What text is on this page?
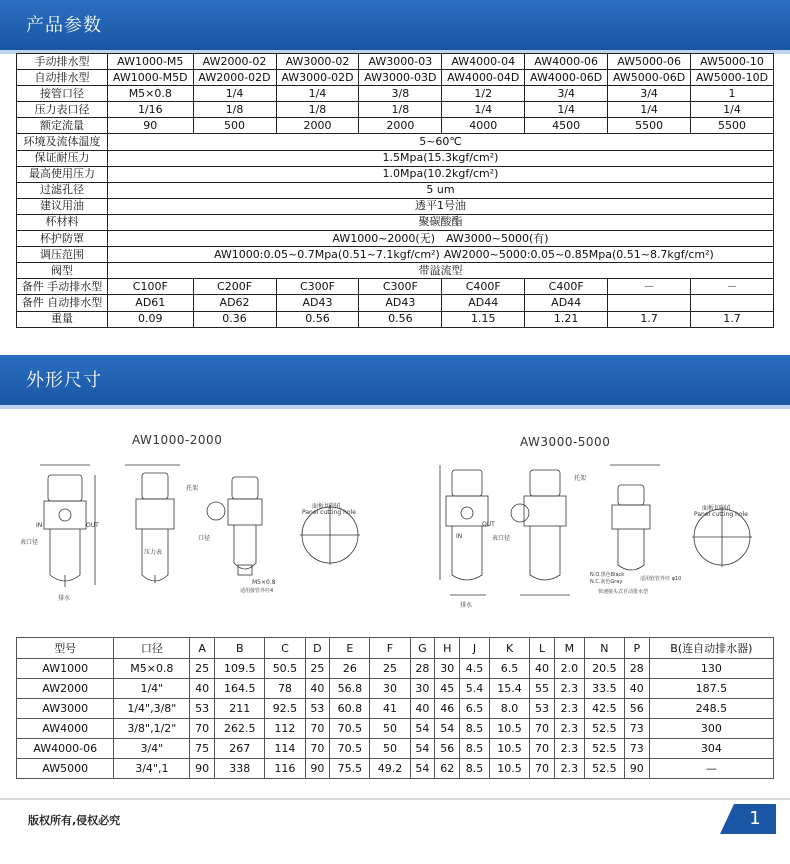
产品参数
手动排水型	AW1000-M5	AW2000-02	AW3000-02	AW3000-03	AW4000-04	AW4000-06	AW5000-06	AW5000-10
自动排水型	AW1000-M5D	AW2000-02D	AW3000-02D	AW3000-03D	AW4000-04D	AW4000-06D	AW5000-06D	AW5000-10D
接管口径	M5×0.8	1/4	1/4	3/8	1/2	3/4	3/4	1
压力表口径	1/16	1/8	1/8	1/8	1/4	1/4	1/4	1/4
额定流量	90	500	2000	2000	4000	4500	5500	5500
环境及流体温度	5~60℃							
保证耐压力	1.5Mpa(15.3kgf/cm²)							
最高使用压力	1.0Mpa(10.2kgf/cm²)							
过滤孔径	5 um							
建议用油	透平1号油							
杯材料	聚碳酸酯							
杯护防罩	AW1000~2000(无)　AW3000~5000(有)							
调压范围	AW1000:0.05~0.7Mpa(0.51~7.1kgf/cm²)				AW2000~5000:0.05~0.85Mpa(0.51~8.7kgf/cm²)			
阀型	带溢流型							
备件 手动排水型	C100F	C200F	C300F	C300F	C400F	C400F	－	－
备件 自动排水型	AD61	AD62	AD43	AD43	AD44	AD44		
重量	0.09	0.36	0.56	0.56	1.15	1.21	1.7	1.7
外形尺寸
AW1000-2000	AW3000-5000
表口径
IN	OUT
排水
压力表
托架
口径
M5×0.8
适用接管外径4
面板切削孔
Panel cutting hole
IN
OUT
表口径
排水
托架
N.O.黑色Black
N.C.灰色Gray	适用软管外径 φ10
快速接头式自动排水型
面板切削孔
Panel cutting hole
型号	口径	A	B	C	D	E	F	G	H	J	K	L	M	N	P	B(连自动排水器)
AW1000	M5×0.8	25	109.5	50.5	25	26	25	28	30	4.5	6.5	40	2.0	20.5	28	130
AW2000	1/4"	40	164.5	78	40	56.8	30	30	45	5.4	15.4	55	2.3	33.5	40	187.5
AW3000	1/4",3/8"	53	211	92.5	53	60.8	41	40	46	6.5	8.0	53	2.3	42.5	56	248.5
AW4000	3/8",1/2"	70	262.5	112	70	70.5	50	54	54	8.5	10.5	70	2.3	52.5	73	300
AW4000-06	3/4"	75	267	114	70	70.5	50	54	56	8.5	10.5	70	2.3	52.5	73	304
AW5000	3/4",1	90	338	116	90	75.5	49.2	54	62	8.5	10.5	70	2.3	52.5	90	—
版权所有,侵权必究	1
